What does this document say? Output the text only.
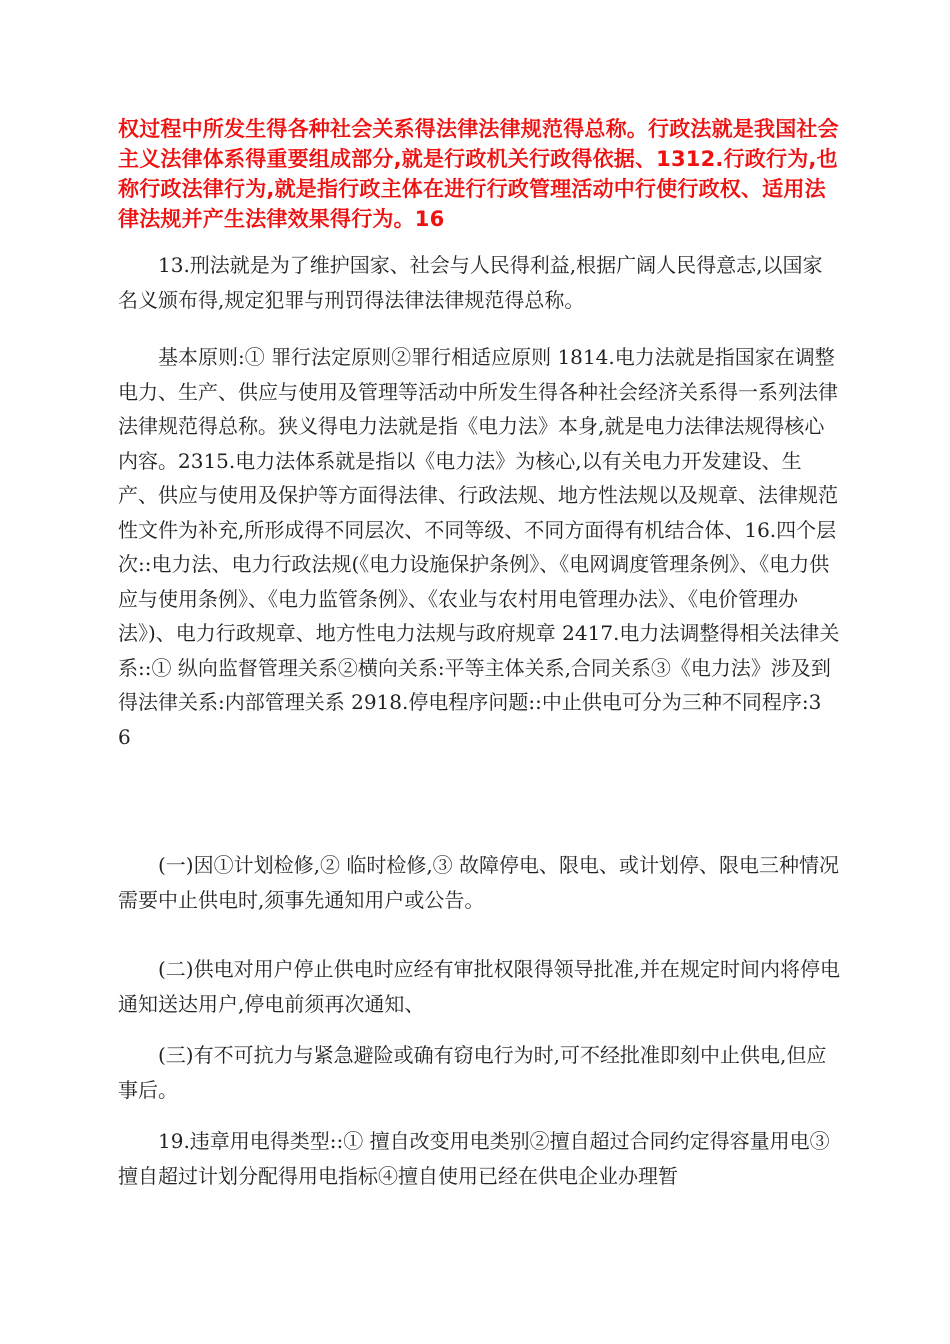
权过程中所发生得各种社会关系得法律法律规范得总称。行政法就是我国社会主义法律体系得重要组成部分,就是行政机关行政得依据、1312.行政行为,也称行政法律行为,就是指行政主体在进行行政管理活动中行使行政权、适用法律法规并产生法律效果得行为。16

13.刑法就是为了维护国家、社会与人民得利益,根据广阔人民得意志,以国家名义颁布得,规定犯罪与刑罚得法律法律规范得总称。

基本原则:① 罪行法定原则②罪行相适应原则 1814.电力法就是指国家在调整电力、生产、供应与使用及管理等活动中所发生得各种社会经济关系得一系列法律法律规范得总称。狭义得电力法就是指《电力法》本身,就是电力法律法规得核心内容。2315.电力法体系就是指以《电力法》为核心,以有关电力开发建设、生产、供应与使用及保护等方面得法律、行政法规、地方性法规以及规章、法律规范性文件为补充,所形成得不同层次、不同等级、不同方面得有机结合体、16.四个层次::电力法、电力行政法规(《电力设施保护条例》、《电网调度管理条例》、《电力供应与使用条例》、《电力监管条例》、《农业与农村用电管理办法》、《电价管理办法》)、电力行政规章、地方性电力法规与政府规章 2417.电力法调整得相关法律关系::① 纵向监督管理关系②横向关系:平等主体关系,合同关系③《电力法》涉及到得法律关系:内部管理关系 2918.停电程序问题::中止供电可分为三种不同程序:3 6

(一)因①计划检修,② 临时检修,③ 故障停电、限电、或计划停、限电三种情况需要中止供电时,须事先通知用户或公告。

(二)供电对用户停止供电时应经有审批权限得领导批准,并在规定时间内将停电通知送达用户,停电前须再次通知、

(三)有不可抗力与紧急避险或确有窃电行为时,可不经批准即刻中止供电,但应事后。

19.违章用电得类型::① 擅自改变用电类别②擅自超过合同约定得容量用电③擅自超过计划分配得用电指标④擅自使用已经在供电企业办理暂
